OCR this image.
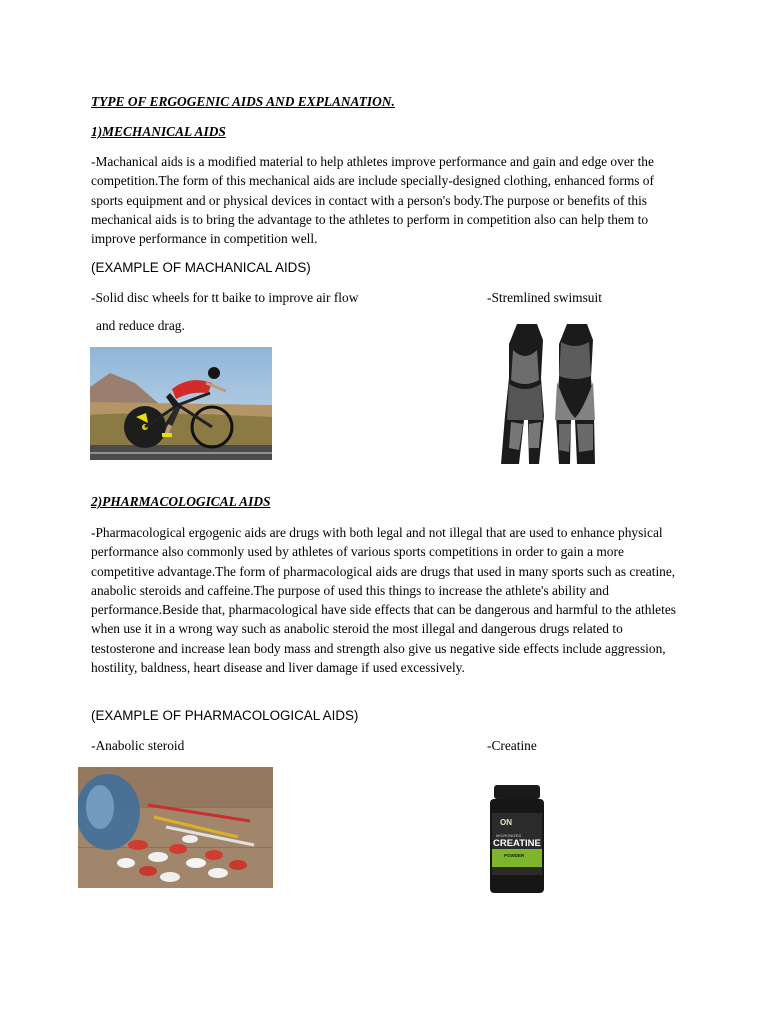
TYPE OF ERGOGENIC AIDS AND EXPLANATION.
1)MECHANICAL AIDS
-Machanical aids is a modified material to help athletes improve performance and gain and edge over the competition.The form of this mechanical aids are include specially-designed clothing, enhanced forms of sports equipment and or physical devices in contact with a person's body.The purpose or benefits of this mechanical aids is to bring the advantage to the athletes to perform in competition also can help them to improve performance in competition well.
(EXAMPLE OF MACHANICAL AIDS)
-Solid disc wheels for tt baike to improve air flow
and reduce drag.
-Stremlined swimsuit
2)PHARMACOLOGICAL AIDS
-Pharmacological ergogenic aids are drugs with both legal and not illegal that are used to enhance physical performance also commonly used by athletes of various sports competitions in order to gain a more competitive advantage.The form of pharmacological aids are drugs that used in many sports such as creatine, anabolic steroids and caffeine.The purpose of used this things to increase the athlete's ability and performance.Beside that, pharmacological have side effects that can be dangerous and harmful to the athletes when use it in a wrong way such as anabolic steroid the most illegal and dangerous drugs related to testosterone and increase lean body mass and strength also give us negative side effects include aggression, hostility, baldness, heart disease and liver damage if used excessively.
(EXAMPLE OF PHARMACOLOGICAL AIDS)
-Anabolic steroid	-Creatine
ON
MICRONIZED
CREATINE
POWDER
